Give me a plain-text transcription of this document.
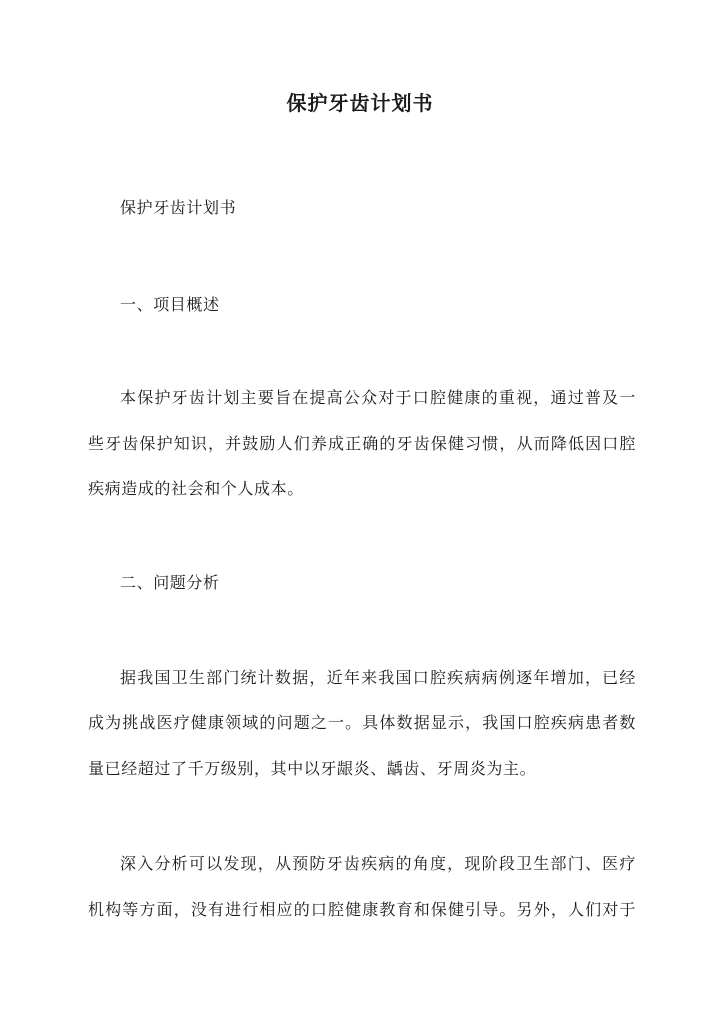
保护牙齿计划书
保护牙齿计划书
一、项目概述
本保护牙齿计划主要旨在提高公众对于口腔健康的重视，通过普及一
些牙齿保护知识，并鼓励人们养成正确的牙齿保健习惯，从而降低因口腔
疾病造成的社会和个人成本。
二、问题分析
据我国卫生部门统计数据，近年来我国口腔疾病病例逐年增加，已经
成为挑战医疗健康领域的问题之一。具体数据显示，我国口腔疾病患者数
量已经超过了千万级别，其中以牙龈炎、龋齿、牙周炎为主。
深入分析可以发现，从预防牙齿疾病的角度，现阶段卫生部门、医疗
机构等方面，没有进行相应的口腔健康教育和保健引导。另外，人们对于
